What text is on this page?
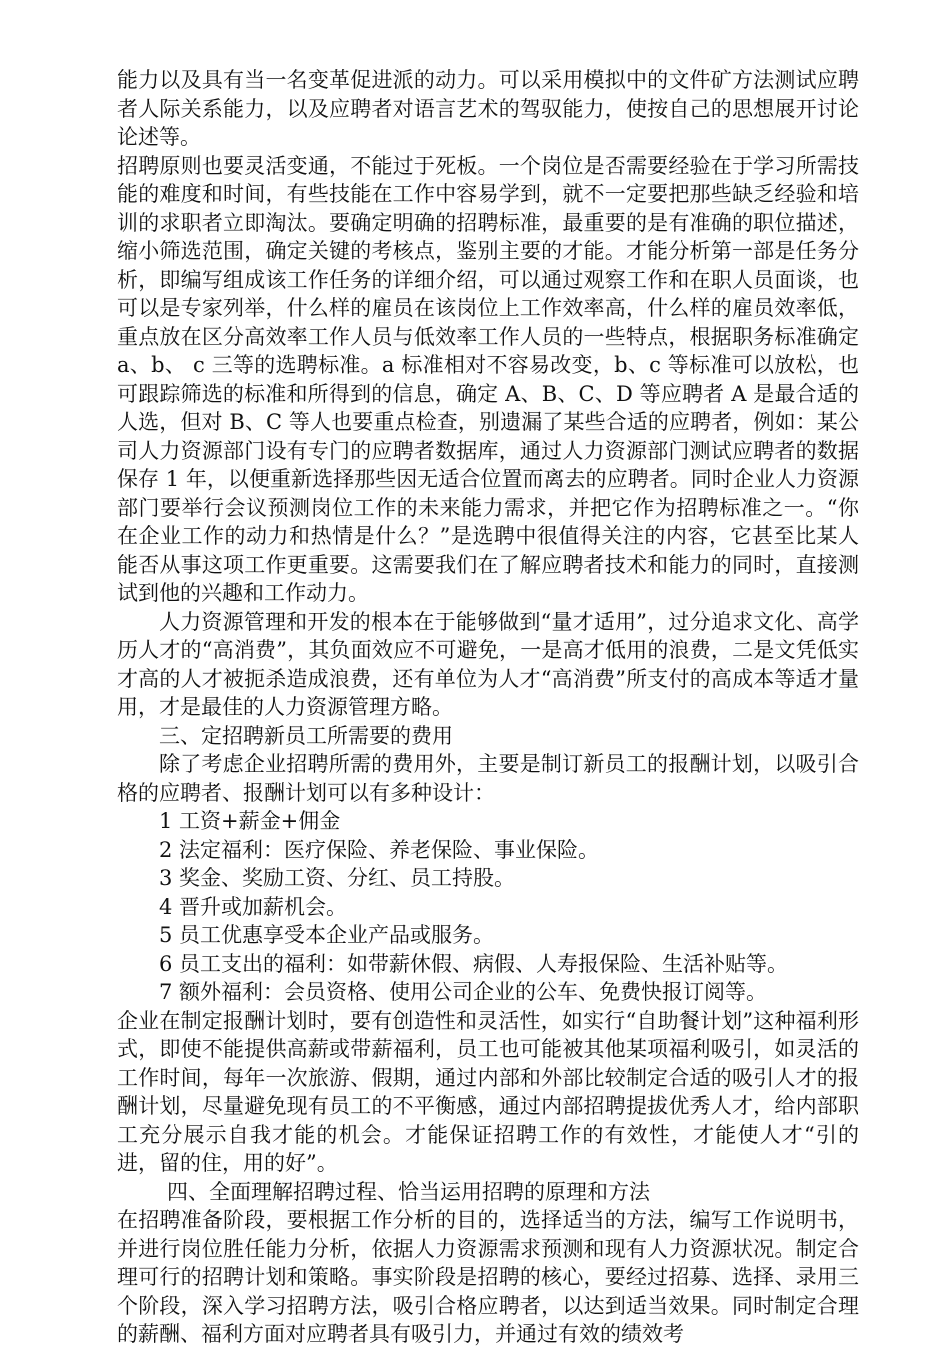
能力以及具有当一名变革促进派的动力。可以采用模拟中的文件矿方法测试应聘者人际关系能力，以及应聘者对语言艺术的驾驭能力，使按自己的思想展开讨论论述等。

招聘原则也要灵活变通，不能过于死板。一个岗位是否需要经验在于学习所需技能的难度和时间，有些技能在工作中容易学到，就不一定要把那些缺乏经验和培训的求职者立即淘汰。要确定明确的招聘标准，最重要的是有准确的职位描述，缩小筛选范围，确定关键的考核点，鉴别主要的才能。才能分析第一部是任务分析，即编写组成该工作任务的详细介绍，可以通过观察工作和在职人员面谈，也可以是专家列举，什么样的雇员在该岗位上工作效率高，什么样的雇员效率低，重点放在区分高效率工作人员与低效率工作人员的一些特点，根据职务标准确定 a、b、 c 三等的选聘标准。a 标准相对不容易改变，b、c 等标准可以放松，也可跟踪筛选的标准和所得到的信息，确定 A、B、C、D 等应聘者 A 是最合适的人选，但对 B、C 等人也要重点检查，别遗漏了某些合适的应聘者，例如：某公司人力资源部门设有专门的应聘者数据库，通过人力资源部门测试应聘者的数据保存 1 年，以便重新选择那些因无适合位置而离去的应聘者。同时企业人力资源部门要举行会议预测岗位工作的未来能力需求，并把它作为招聘标准之一。“你在企业工作的动力和热情是什么？”是选聘中很值得关注的内容，它甚至比某人能否从事这项工作更重要。这需要我们在了解应聘者技术和能力的同时，直接测试到他的兴趣和工作动力。

人力资源管理和开发的根本在于能够做到“量才适用”，过分追求文化、高学历人才的“高消费”，其负面效应不可避免，一是高才低用的浪费，二是文凭低实才高的人才被扼杀造成浪费，还有单位为人才“高消费”所支付的高成本等适才量用，才是最佳的人力资源管理方略。

三、定招聘新员工所需要的费用

除了考虑企业招聘所需的费用外，主要是制订新员工的报酬计划，以吸引合格的应聘者、报酬计划可以有多种设计：

1 工资+薪金+佣金

2 法定福利：医疗保险、养老保险、事业保险。

3 奖金、奖励工资、分红、员工持股。

4 晋升或加薪机会。

5 员工优惠享受本企业产品或服务。

6 员工支出的福利：如带薪休假、病假、人寿报保险、生活补贴等。

7 额外福利：会员资格、使用公司企业的公车、免费快报订阅等。

企业在制定报酬计划时，要有创造性和灵活性，如实行“自助餐计划”这种福利形式，即使不能提供高薪或带薪福利，员工也可能被其他某项福利吸引，如灵活的工作时间，每年一次旅游、假期，通过内部和外部比较制定合适的吸引人才的报酬计划，尽量避免现有员工的不平衡感，通过内部招聘提拔优秀人才，给内部职工充分展示自我才能的机会。才能保证招聘工作的有效性，才能使人才“引的进，留的住，用的好”。

四、全面理解招聘过程、恰当运用招聘的原理和方法

在招聘准备阶段，要根据工作分析的目的，选择适当的方法，编写工作说明书，并进行岗位胜任能力分析，依据人力资源需求预测和现有人力资源状况。制定合理可行的招聘计划和策略。事实阶段是招聘的核心，要经过招募、选择、录用三个阶段，深入学习招聘方法，吸引合格应聘者，以达到适当效果。同时制定合理的薪酬、福利方面对应聘者具有吸引力，并通过有效的绩效考
